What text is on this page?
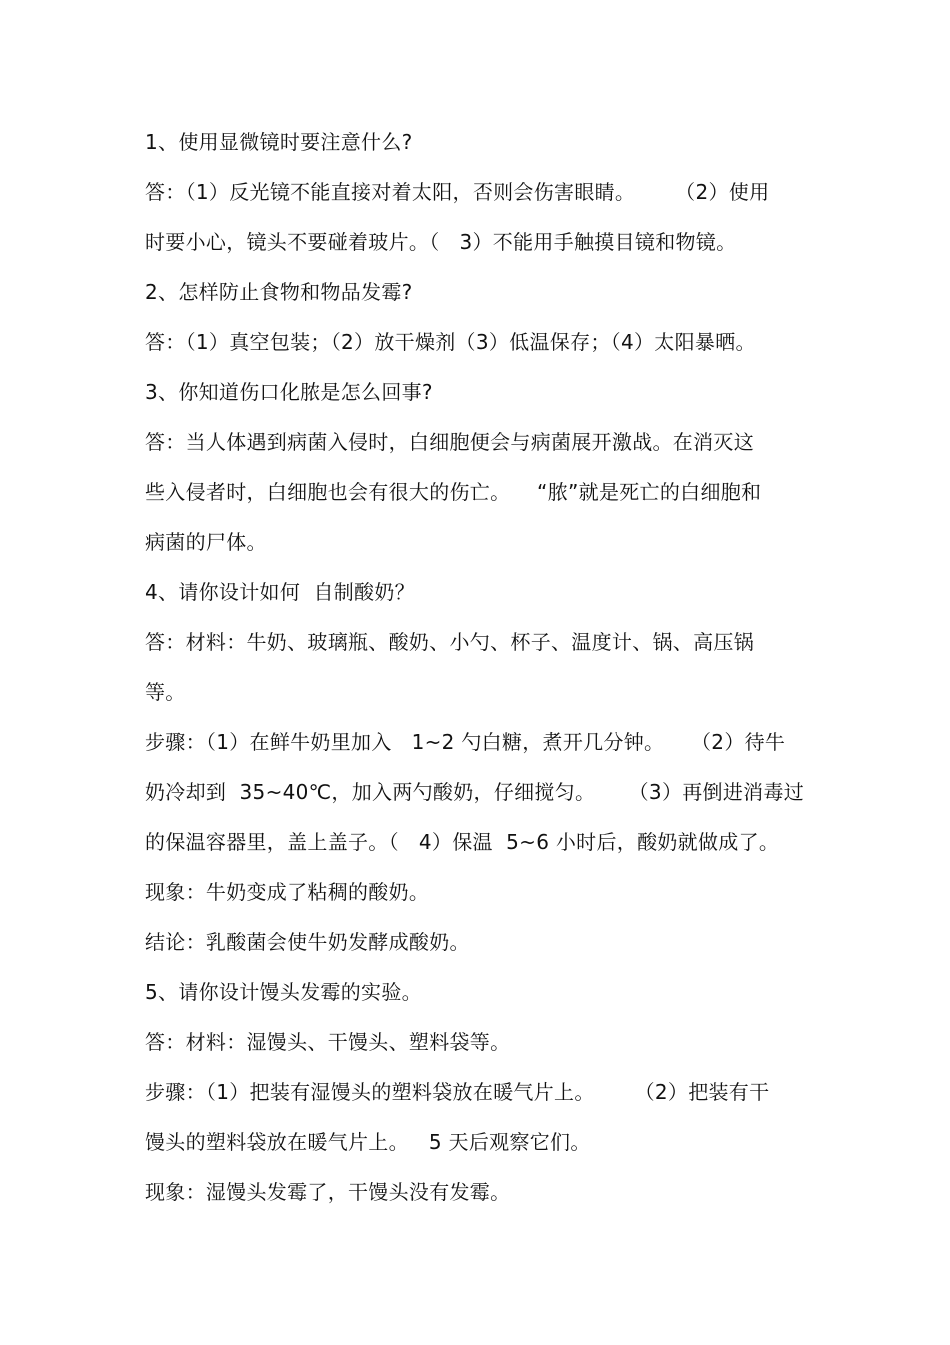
1、使用显微镜时要注意什么?

答：（1）反光镜不能直接对着太阳，否则会伤害眼睛。      （2）使用

时要小心，镜头不要碰着玻片。（   3）不能用手触摸目镜和物镜。

2、怎样防止食物和物品发霉?

答：（1）真空包装；（2）放干燥剂（3）低温保存；（4）太阳暴晒。

3、你知道伤口化脓是怎么回事?

答：当人体遇到病菌入侵时，白细胞便会与病菌展开激战。在消灭这

些入侵者时，白细胞也会有很大的伤亡。    “脓”就是死亡的白细胞和

病菌的尸体。

4、请你设计如何  自制酸奶？

答：材料：牛奶、玻璃瓶、酸奶、小勺、杯子、温度计、锅、高压锅

等。

步骤：（1）在鲜牛奶里加入   1~2 勺白糖，煮开几分钟。    （2）待牛

奶冷却到  35~40℃，加入两勺酸奶，仔细搅匀。     （3）再倒进消毒过

的保温容器里，盖上盖子。（   4）保温  5~6 小时后，酸奶就做成了。

现象：牛奶变成了粘稠的酸奶。

结论：乳酸菌会使牛奶发酵成酸奶。

5、请你设计馒头发霉的实验。

答：材料：湿馒头、干馒头、塑料袋等。

步骤：（1）把装有湿馒头的塑料袋放在暖气片上。      （2）把装有干

馒头的塑料袋放在暖气片上。   5 天后观察它们。

现象：湿馒头发霉了，干馒头没有发霉。
